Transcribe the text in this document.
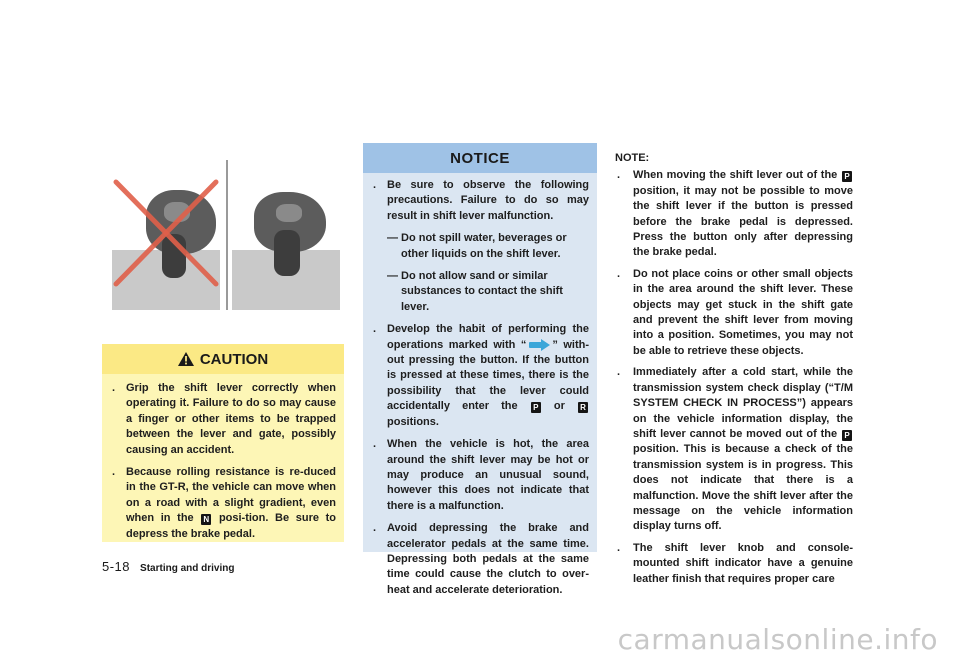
CAUTION
. Grip the shift lever correctly when operating it. Failure to do so may cause a finger or other items to be trapped between the lever and gate, possibly causing an accident.
. Because rolling resistance is re-duced in the GT-R, the vehicle can move when on a road with a slight gradient, even when in the N posi-tion. Be sure to depress the brake pedal.
NOTICE
. Be sure to observe the following precautions. Failure to do so may result in shift lever malfunction.
— Do not spill water, beverages or other liquids on the shift lever.
— Do not allow sand or similar substances to contact the shift lever.
. Develop the habit of performing the operations marked with “ ” with-out pressing the button. If the button is pressed at these times, there is the possibility that the lever could accidentally enter the P or R positions.
. When the vehicle is hot, the area around the shift lever may be hot or may produce an unusual sound, however this does not indicate that there is a malfunction.
. Avoid depressing the brake and accelerator pedals at the same time. Depressing both pedals at the same time could cause the clutch to over-heat and accelerate deterioration.
NOTE:
. When moving the shift lever out of the P position, it may not be possible to move the shift lever if the button is pressed before the brake pedal is depressed. Press the button only after depressing the brake pedal.
. Do not place coins or other small objects in the area around the shift lever. These objects may get stuck in the shift gate and prevent the shift lever from moving into a position. Sometimes, you may not be able to retrieve these objects.
. Immediately after a cold start, while the transmission system check display (“T/M SYSTEM CHECK IN PROCESS”) appears on the vehicle information display, the shift lever cannot be moved out of the P position. This is because a check of the transmission system is in progress. This does not indicate that there is a malfunction. Move the shift lever after the message on the vehicle information display turns off.
. The shift lever knob and console-mounted shift indicator have a genuine leather finish that requires proper care
5-18 Starting and driving
carmanualsonline.info
